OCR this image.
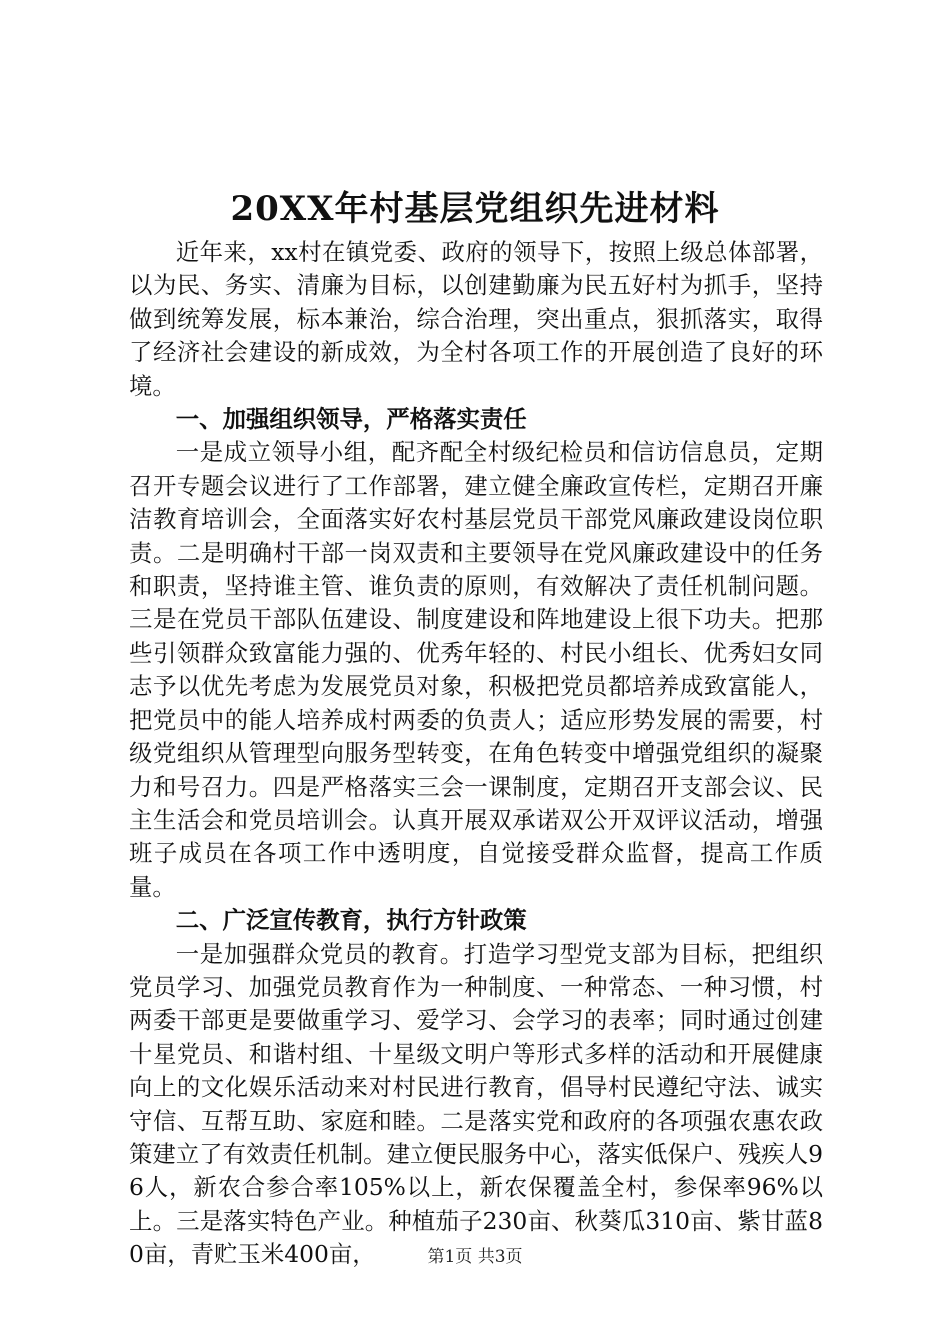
20XX年村基层党组织先进材料

近年来，xx村在镇党委、政府的领导下，按照上级总体部署，以为民、务实、清廉为目标，以创建勤廉为民五好村为抓手，坚持做到统筹发展，标本兼治，综合治理，突出重点，狠抓落实，取得了经济社会建设的新成效，为全村各项工作的开展创造了良好的环境。

一、加强组织领导，严格落实责任

一是成立领导小组，配齐配全村级纪检员和信访信息员，定期召开专题会议进行了工作部署，建立健全廉政宣传栏，定期召开廉洁教育培训会，全面落实好农村基层党员干部党风廉政建设岗位职责。二是明确村干部一岗双责和主要领导在党风廉政建设中的任务和职责，坚持谁主管、谁负责的原则，有效解决了责任机制问题。三是在党员干部队伍建设、制度建设和阵地建设上很下功夫。把那些引领群众致富能力强的、优秀年轻的、村民小组长、优秀妇女同志予以优先考虑为发展党员对象，积极把党员都培养成致富能人，把党员中的能人培养成村两委的负责人；适应形势发展的需要，村级党组织从管理型向服务型转变，在角色转变中增强党组织的凝聚力和号召力。四是严格落实三会一课制度，定期召开支部会议、民主生活会和党员培训会。认真开展双承诺双公开双评议活动，增强班子成员在各项工作中透明度，自觉接受群众监督，提高工作质量。

二、广泛宣传教育，执行方针政策

一是加强群众党员的教育。打造学习型党支部为目标，把组织党员学习、加强党员教育作为一种制度、一种常态、一种习惯，村两委干部更是要做重学习、爱学习、会学习的表率；同时通过创建十星党员、和谐村组、十星级文明户等形式多样的活动和开展健康向上的文化娱乐活动来对村民进行教育，倡导村民遵纪守法、诚实守信、互帮互助、家庭和睦。二是落实党和政府的各项强农惠农政策建立了有效责任机制。建立便民服务中心，落实低保户、残疾人96人，新农合参合率105%以上，新农保覆盖全村，参保率96%以上。三是落实特色产业。种植茄子230亩、秋葵瓜310亩、紫甘蓝80亩，青贮玉米400亩，	第1页 共3页
